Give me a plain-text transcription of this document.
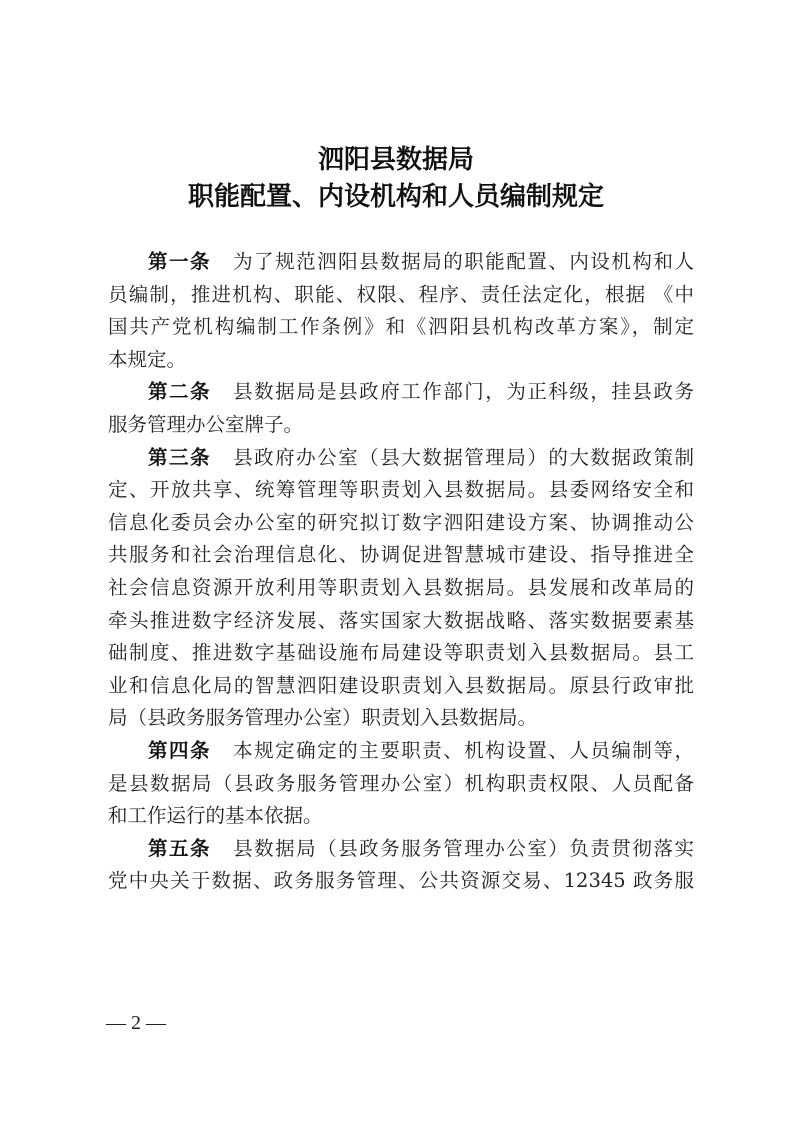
泗阳县数据局
职能配置、内设机构和人员编制规定
第一条 为了规范泗阳县数据局的职能配置、内设机构和人
员编制，推进机构、职能、权限、程序、责任法定化，根据 《中
国共产党机构编制工作条例》和《泗阳县机构改革方案》，制定
本规定。
第二条 县数据局是县政府工作部门，为正科级，挂县政务
服务管理办公室牌子。
第三条 县政府办公室（县大数据管理局）的大数据政策制
定、开放共享、统筹管理等职责划入县数据局。县委网络安全和
信息化委员会办公室的研究拟订数字泗阳建设方案、协调推动公
共服务和社会治理信息化、协调促进智慧城市建设、指导推进全
社会信息资源开放利用等职责划入县数据局。县发展和改革局的
牵头推进数字经济发展、落实国家大数据战略、落实数据要素基
础制度、推进数字基础设施布局建设等职责划入县数据局。县工
业和信息化局的智慧泗阳建设职责划入县数据局。原县行政审批
局（县政务服务管理办公室）职责划入县数据局。
第四条 本规定确定的主要职责、机构设置、人员编制等，
是县数据局（县政务服务管理办公室）机构职责权限、人员配备
和工作运行的基本依据。
第五条 县数据局（县政务服务管理办公室）负责贯彻落实
党中央关于数据、政务服务管理、公共资源交易、12345 政务服
— 2 —
